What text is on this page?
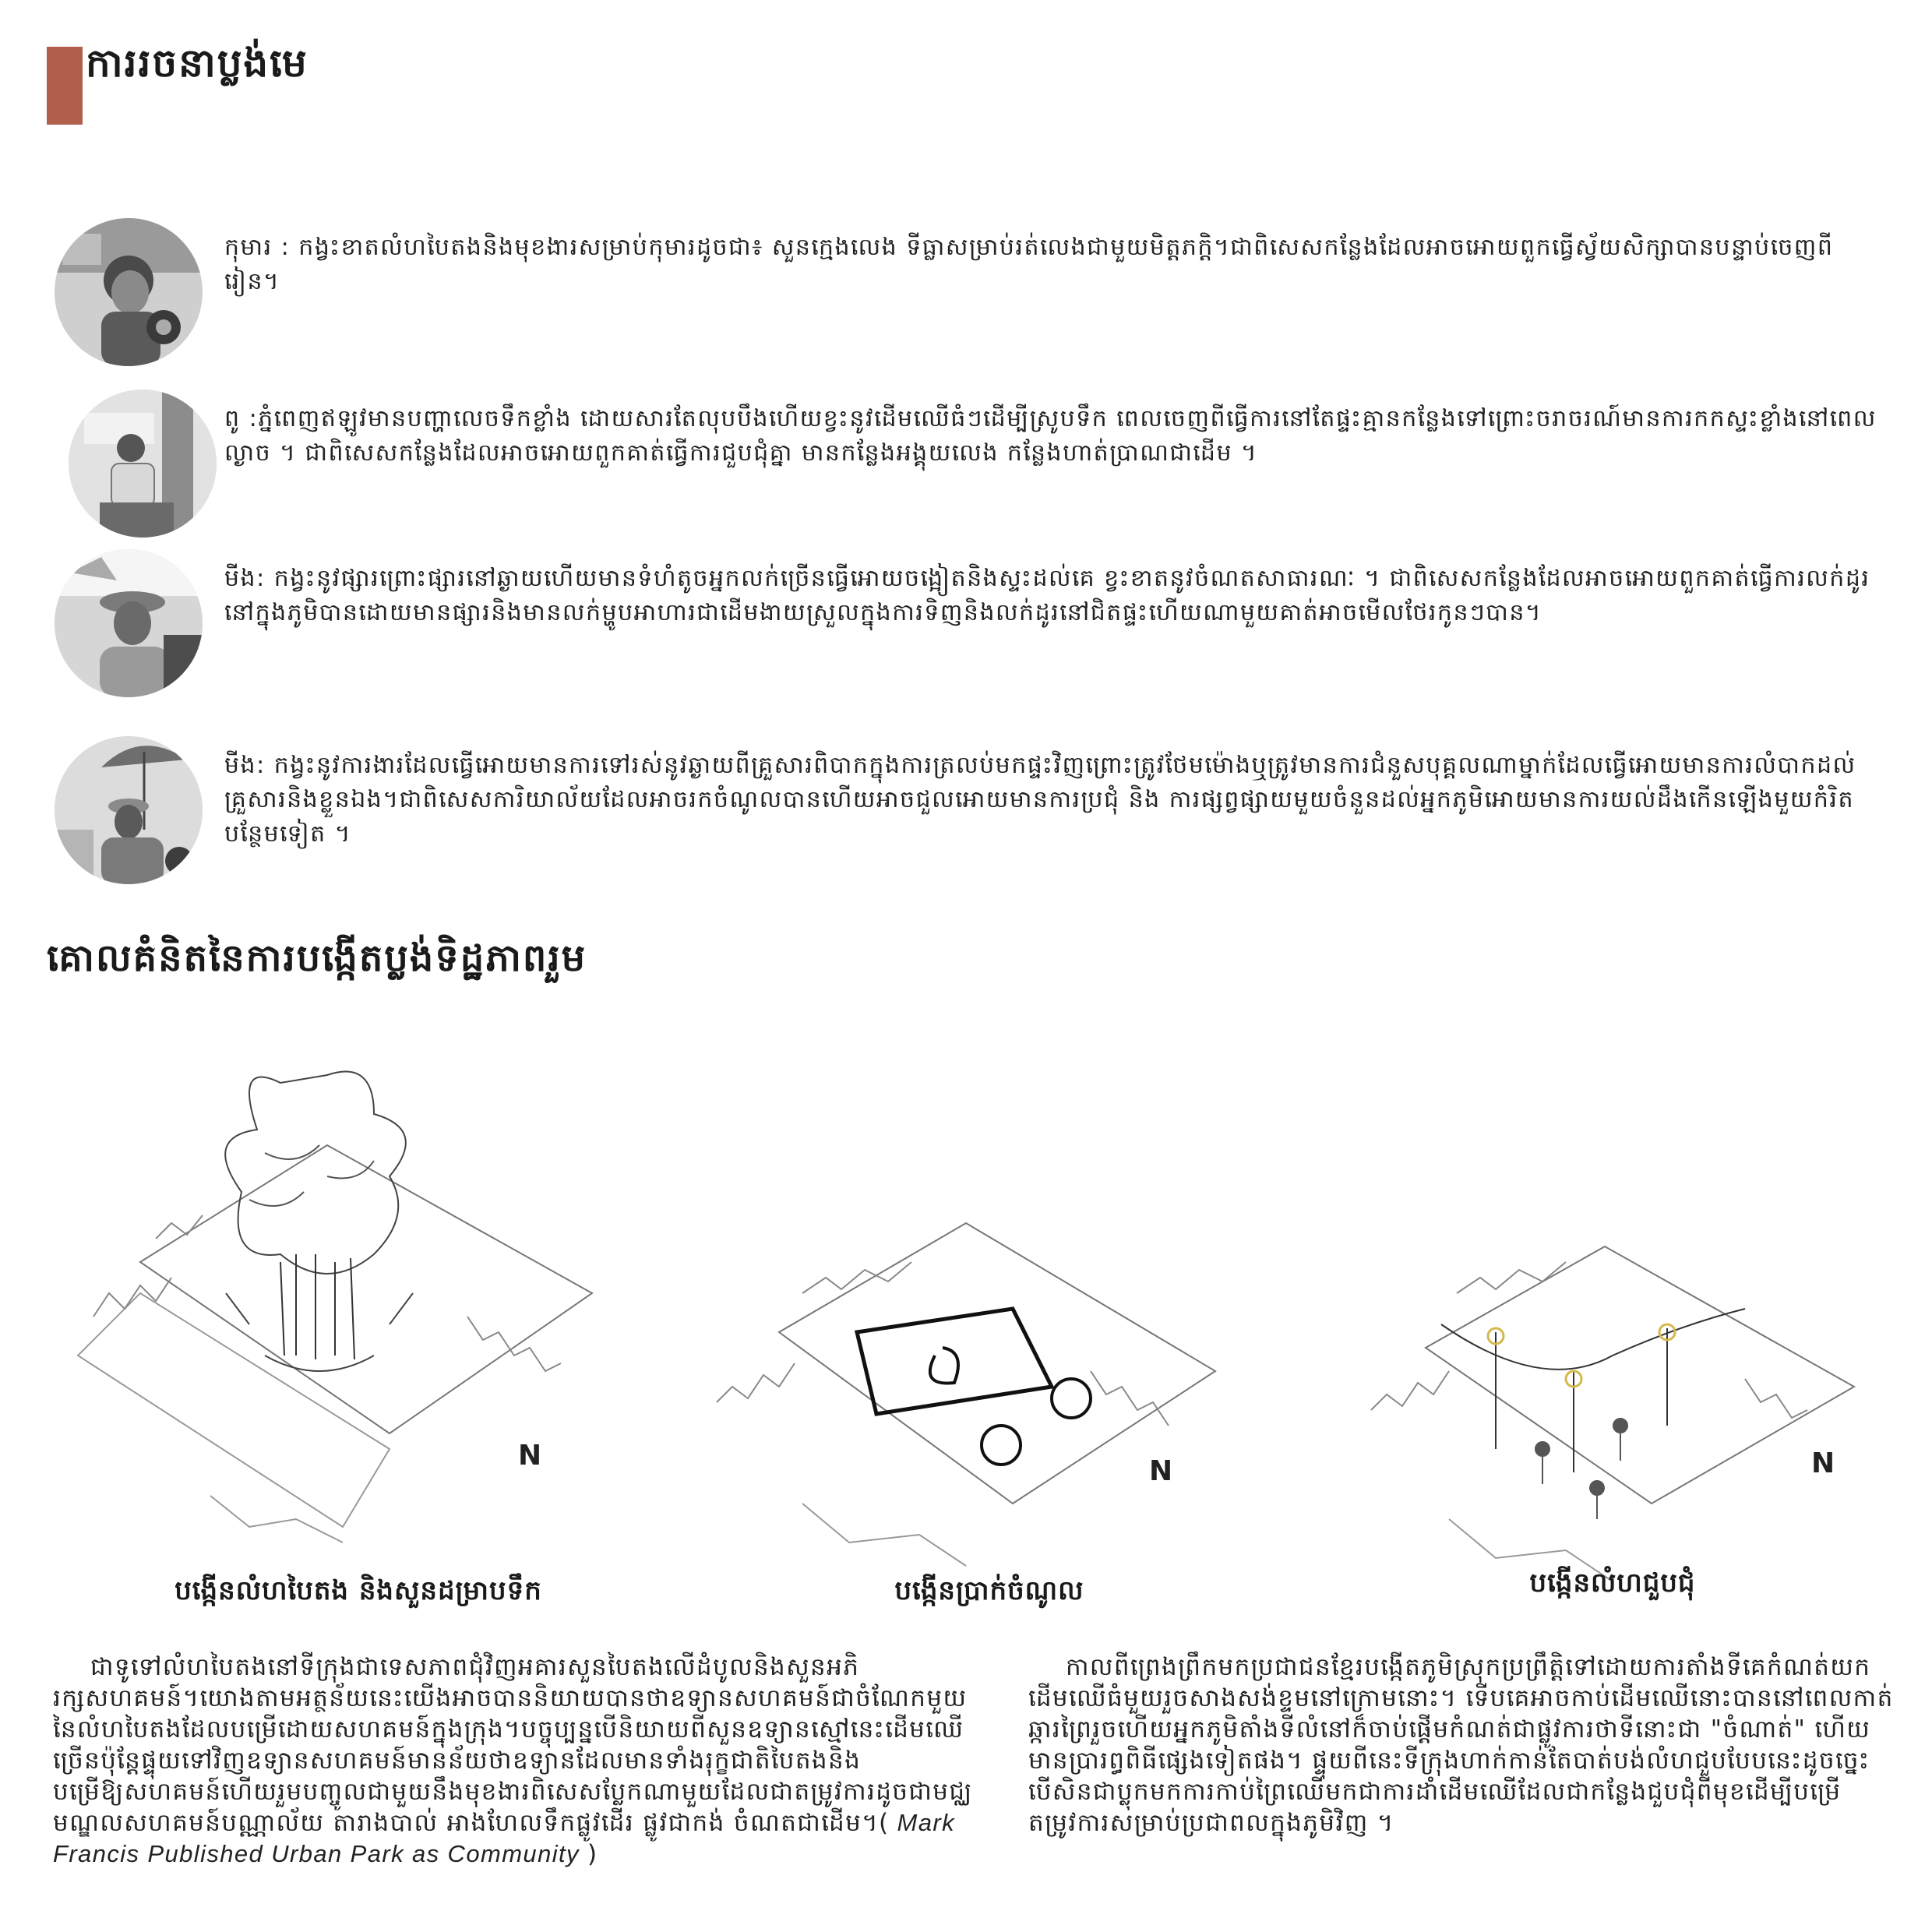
ការរចនាប្លង់មេ

កុមារ : កង្វះខាតលំហបៃតងនិងមុខងារសម្រាប់កុមារដូចជា៖ សួនក្មេងលេង ទីធ្លាសម្រាប់រត់លេងជាមួយមិត្តភក្តិ។ជាពិសេសកន្លែងដែលអាចអោយពួកធ្វើស្វ័យសិក្សាបានបន្ទាប់ចេញពីរៀន។

ពូ :ភ្នំពេញឥឡូវមានបញ្ហាលេចទឹកខ្លាំង ដោយសារតែលុបបឹងហើយខ្វះនូវដើមឈើធំៗដើម្បីស្រូបទឹក ពេលចេញពីធ្វើការនៅតែផ្ទះគ្មានកន្លែងទៅព្រោះចរាចរណ៍មានការកកស្ទះខ្លាំងនៅពេលល្ងាច ។ ជាពិសេសកន្លែងដែលអាចអោយពួកគាត់ធ្វើការជួបជុំគ្នា មានកន្លែងអង្គុយលេង កន្លែងហាត់ប្រាណជាដើម ។

មីង: កង្វះនូវផ្សារព្រោះផ្សារនៅឆ្ងាយហើយមានទំហំតូចអ្នកលក់ច្រើនធ្វើអោយចង្អៀតនិងស្ទះដល់គេ ខ្វះខាតនូវចំណតសាធារណៈ ។ ជាពិសេសកន្លែងដែលអាចអោយពួកគាត់ធ្វើការលក់ដូរនៅក្នុងភូមិបានដោយមានផ្សារនិងមានលក់ម្ហូបអាហារជាដើមងាយស្រួលក្នុងការទិញនិងលក់ដូរនៅជិតផ្ទះហើយណាមួយគាត់អាចមើលថែរកូនៗបាន។

មីង: កង្វះនូវការងារដែលធ្វើអោយមានការទៅរស់នូវឆ្ងាយពីគ្រួសារពិបាកក្នុងការត្រលប់មកផ្ទះវិញព្រោះត្រូវថែមម៉ោងឬត្រូវមានការជំនួសបុគ្គលណាម្នាក់ដែលធ្វើអោយមានការលំបាកដល់គ្រួសារនិងខ្លួនឯង។ជាពិសេសការិយាល័យដែលអាចរកចំណូលបានហើយអាចជួលអោយមានការប្រជុំ និង ការផ្សព្វផ្សាយមួយចំនួនដល់អ្នកភូមិអោយមានការយល់ដឹងកើនឡើងមួយកំរិតបន្ថែមទៀត ។

គោលគំនិតនៃការបង្កើតប្លង់ទិដ្ឋភាពរួម
N	N	N
បង្កើនលំហបៃតង និងសួនដម្រាបទឹក	បង្កើនប្រាក់ចំណូល	បង្កើនលំហជួបជុំ

ជាទូទៅលំហបៃតងនៅទីក្រុងជាទេសភាពជុំវិញអគារសួនបៃតងលើដំបូលនិងសួនអភិរក្សសហគមន៍។យោងតាមអត្ថន័យនេះយើងអាចបាននិយាយបានថាឧទ្យានសហគមន៍ជាចំណែកមួយនៃលំហបៃតងដែលបម្រើដោយសហគមន៍ក្នុងក្រុង។បច្ចុប្បន្នបើនិយាយពីសួនឧទ្យានស្មៅនេះដើមឈើច្រើនប៉ុន្តែផ្ទុយទៅវិញឧទ្យានសហគមន៍មានន័យថាឧទ្យានដែលមានទាំងរុក្ខជាតិបៃតងនិងបម្រើឱ្យសហគមន៍ហើយរួមបញ្ចូលជាមួយនឹងមុខងារពិសេសប្លែកណាមួយដែលជាតម្រូវការដូចជាមជ្ឈមណ្ឌលសហគមន៍បណ្ណាល័យ តារាងបាល់ អាងហែលទឹកផ្លូវដើរ ផ្លូវជាកង់ ចំណតជាដើម។( Mark Francis Published Urban Park as Community )

កាលពីព្រេងព្រឹកមកប្រជាជនខ្មែរបង្កើតភូមិស្រុកប្រព្រឹត្តិទៅដោយការតាំងទីគេកំណត់យកដើមឈើធំមួយរួចសាងសង់ខ្ទមនៅក្រោមនោះ។ ទើបគេអាចកាប់ដើមឈើនោះបាននៅពេលកាត់ឆ្ការព្រៃរួចហើយអ្នកភូមិតាំងទីលំនៅក៏ចាប់ផ្តើមកំណត់ជាផ្លូវការថាទីនោះជា "ចំណាត់" ហើយមានប្រារព្ធពិធីផ្សេងទៀតផង។ ផ្ទុយពីនេះទីក្រុងហាក់កាន់តែបាត់បង់លំហជួបបែបនេះដូចច្នេះបើសិនជាប្លុកមកការកាប់ព្រៃឈើមកជាការដាំដើមឈើដែលជាកន្លែងជួបជុំពីមុខដើម្បីបម្រើតម្រូវការសម្រាប់ប្រជាពលក្នុងភូមិវិញ ។
